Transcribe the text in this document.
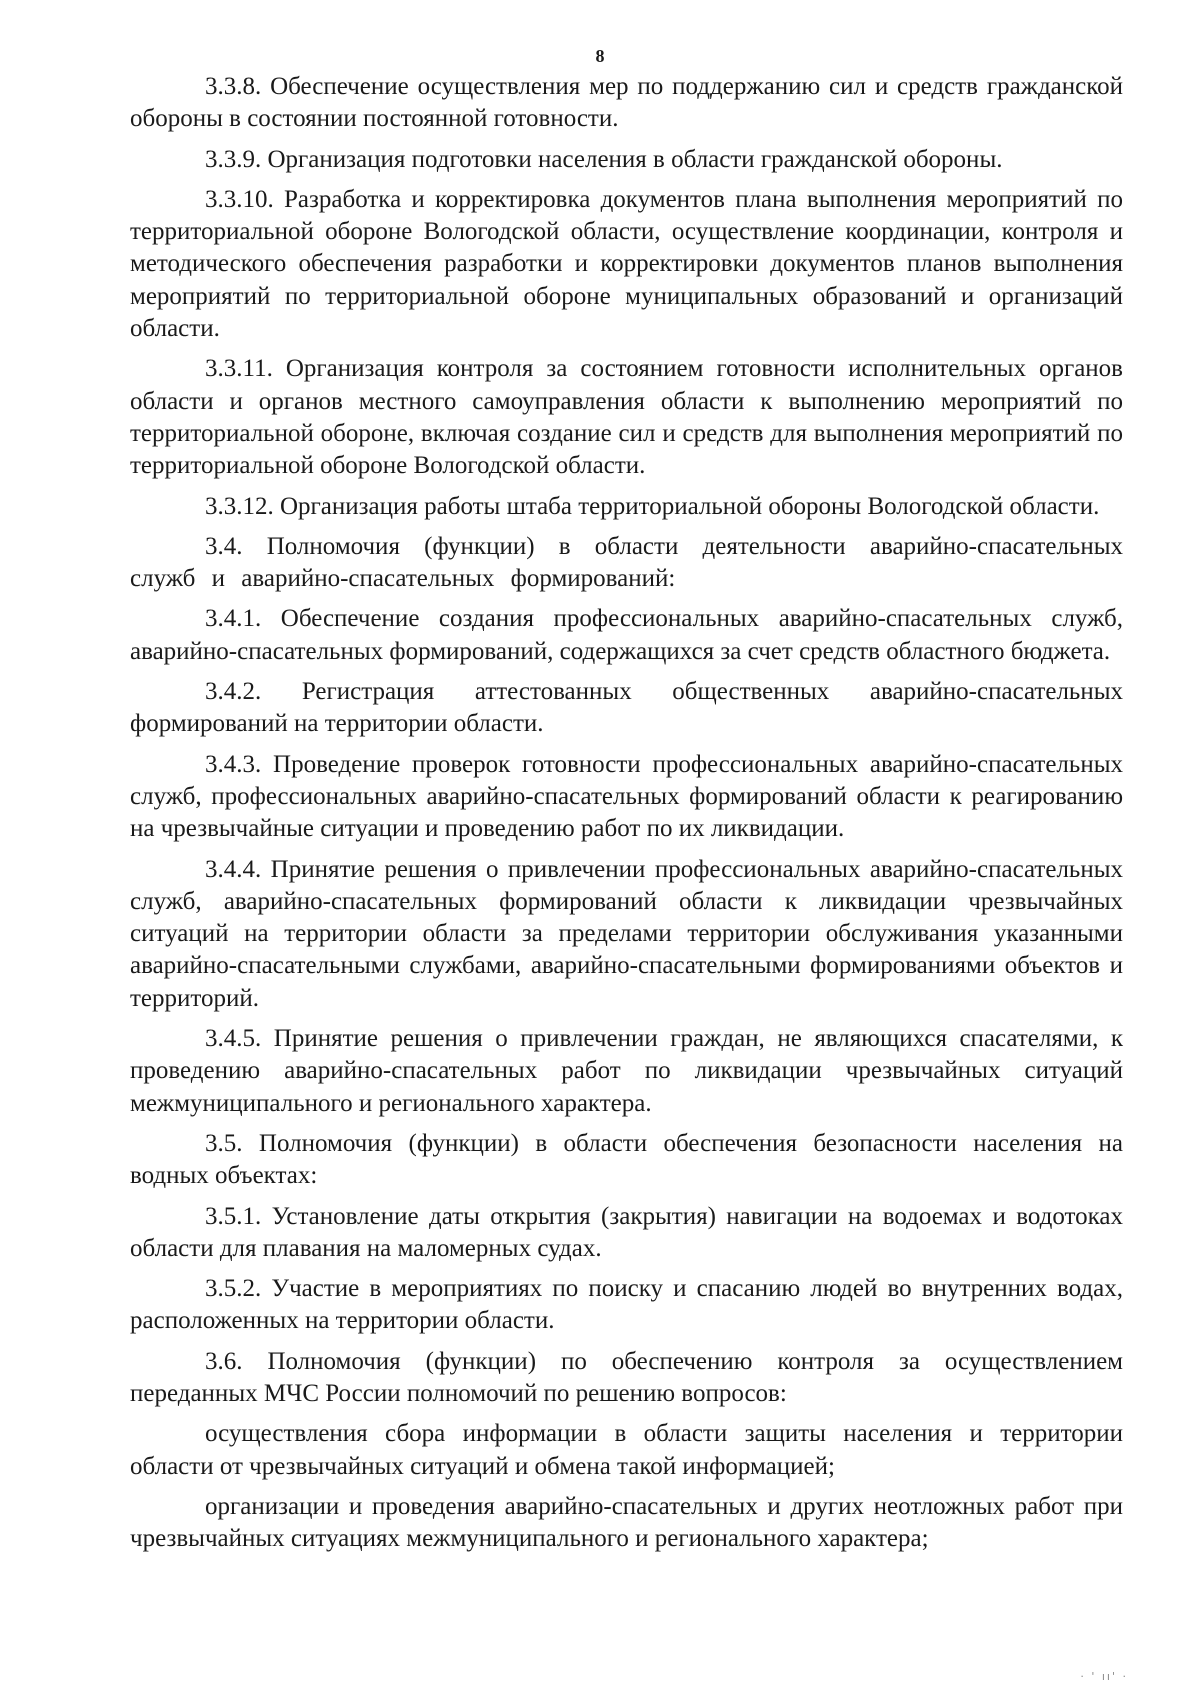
8

3.3.8. Обеспечение осуществления мер по поддержанию сил и средств гражданской обороны в состоянии постоянной готовности.

3.3.9. Организация подготовки населения в области гражданской обороны.

3.3.10. Разработка и корректировка документов плана выполнения мероприятий по территориальной обороне Вологодской области, осуществление координации, контроля и методического обеспечения разработки и корректировки документов планов выполнения мероприятий по территориальной обороне муниципальных образований и организаций области.

3.3.11. Организация контроля за состоянием готовности исполнительных органов области и органов местного самоуправления области к выполнению мероприятий по территориальной обороне, включая создание сил и средств для выполнения мероприятий по территориальной обороне Вологодской области.

3.3.12. Организация работы штаба территориальной обороны Вологодской области.

3.4. Полномочия (функции) в области деятельности аварийно-спасательных служб и аварийно-спасательных формирований:

3.4.1. Обеспечение создания профессиональных аварийно-спасательных служб, аварийно-спасательных формирований, содержащихся за счет средств областного бюджета.

3.4.2. Регистрация аттестованных общественных аварийно-спасательных формирований на территории области.

3.4.3. Проведение проверок готовности профессиональных аварийно-спасательных служб, профессиональных аварийно-спасательных формирований области к реагированию на чрезвычайные ситуации и проведению работ по их ликвидации.

3.4.4. Принятие решения о привлечении профессиональных аварийно-спасательных служб, аварийно-спасательных формирований области к ликвидации чрезвычайных ситуаций на территории области за пределами территории обслуживания указанными аварийно-спасательными службами, аварийно-спасательными формированиями объектов и территорий.

3.4.5. Принятие решения о привлечении граждан, не являющихся спасателями, к проведению аварийно-спасательных работ по ликвидации чрезвычайных ситуаций межмуниципального и регионального характера.

3.5. Полномочия (функции) в области обеспечения безопасности населения на водных объектах:

3.5.1. Установление даты открытия (закрытия) навигации на водоемах и водотоках области для плавания на маломерных судах.

3.5.2. Участие в мероприятиях по поиску и спасанию людей во внутренних водах, расположенных на территории области.

3.6. Полномочия (функции) по обеспечению контроля за осуществлением переданных МЧС России полномочий по решению вопросов:

осуществления сбора информации в области защиты населения и территории области от чрезвычайных ситуаций и обмена такой информацией;

организации и проведения аварийно-спасательных и других неотложных работ при чрезвычайных ситуациях межмуниципального и регионального характера;

· ' ıı' ·
